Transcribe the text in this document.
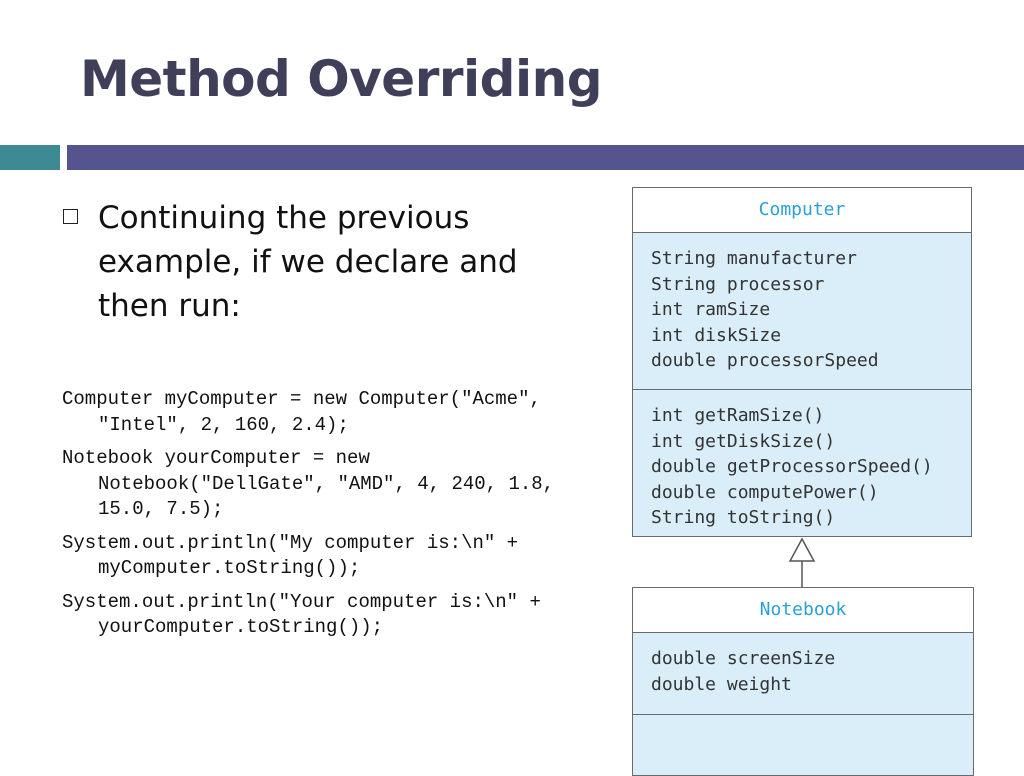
Method Overriding
Continuing the previous example, if we declare and then run:
Computer myComputer = new Computer("Acme", "Intel", 2, 160, 2.4);
Notebook yourComputer = new Notebook("DellGate", "AMD", 4, 240, 1.8, 15.0, 7.5);
System.out.println("My computer is:\n" + myComputer.toString());
System.out.println("Your computer is:\n" + yourComputer.toString());
Computer
String manufacturer
String processor
int ramSize
int diskSize
double processorSpeed
int getRamSize()
int getDiskSize()
double getProcessorSpeed()
double computePower()
String toString()
Notebook
double screenSize
double weight
